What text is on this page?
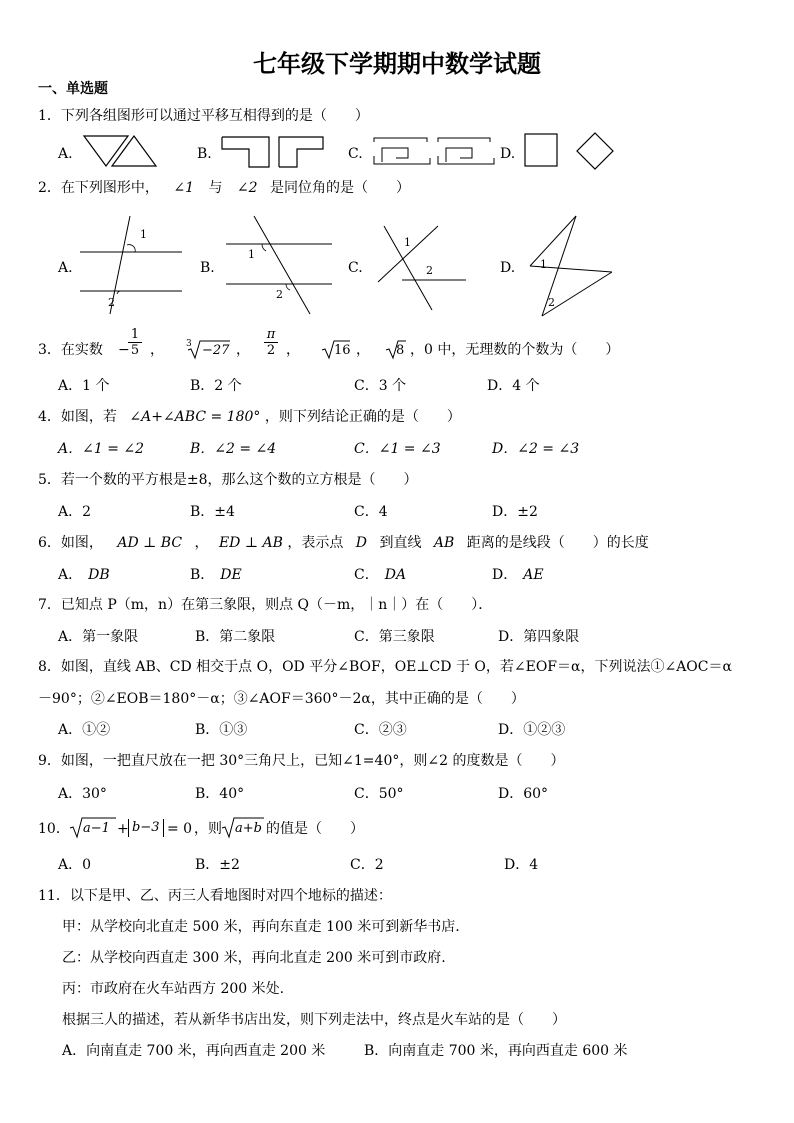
七年级下学期期中数学试题
一、单选题
1．下列各组图形可以通过平移互相得到的是（　　）
A.	B.	C.	D.
2．在下列图形中， ∠1 与 ∠2 是同位角的是（　　）
A.
1
2
B.
1
2
C.
1
2	D. 1
2
3．在实数 −
$\frac{1}{5}$ ， 3 −27 ， $\frac{\pi}{2}$ ，	16 ， 8 ，0 中，无理数的个数为（　　）
A．1 个	B．2 个	C．3 个	D．4 个
4．如图，若 ∠A+∠ABC = 180° ，则下列结论正确的是（　　）
A．∠1 = ∠2	B．∠2 = ∠4	C．∠1 = ∠3	D．∠2 = ∠3
5．若一个数的平方根是±8，那么这个数的立方根是（　　）
A．2	B．±4	C．4	D．±2
6．如图， AD ⊥ BC ， ED ⊥ AB ，表示点 D 到直线 AB 距离的是线段（　　）的长度
A． DB	B． DE	C． DA	D． AE
7．已知点 P（m，n）在第三象限，则点 Q（－m，｜n｜）在（　　）．
A．第一象限	B．第二象限	C．第三象限	D．第四象限
8．如图，直线 AB、CD 相交于点 O，OD 平分∠BOF，OE⊥CD 于 O，若∠EOF＝α，下列说法①∠AOC＝α
－90°；②∠EOB＝180°－α；③∠AOF＝360°－2α，其中正确的是（　　）
A．①②	B．①③	C．②③	D．①②③
9．如图，一把直尺放在一把 30°三角尺上，已知∠1=40°，则∠2 的度数是（　　）
A．30°	B．40°	C．50°	D．60°
10． a−1 + b−3 = 0 ，则 a+b 的值是（　　）
A．0	B．±2	C．2	D．4
11．以下是甲、乙、丙三人看地图时对四个地标的描述：
甲：从学校向北直走 500 米，再向东直走 100 米可到新华书店.
乙：从学校向西直走 300 米，再向北直走 200 米可到市政府.
丙：市政府在火车站西方 200 米处.
根据三人的描述，若从新华书店出发，则下列走法中，终点是火车站的是（　　）
A．向南直走 700 米，再向西直走 200 米	B．向南直走 700 米，再向西直走 600 米
